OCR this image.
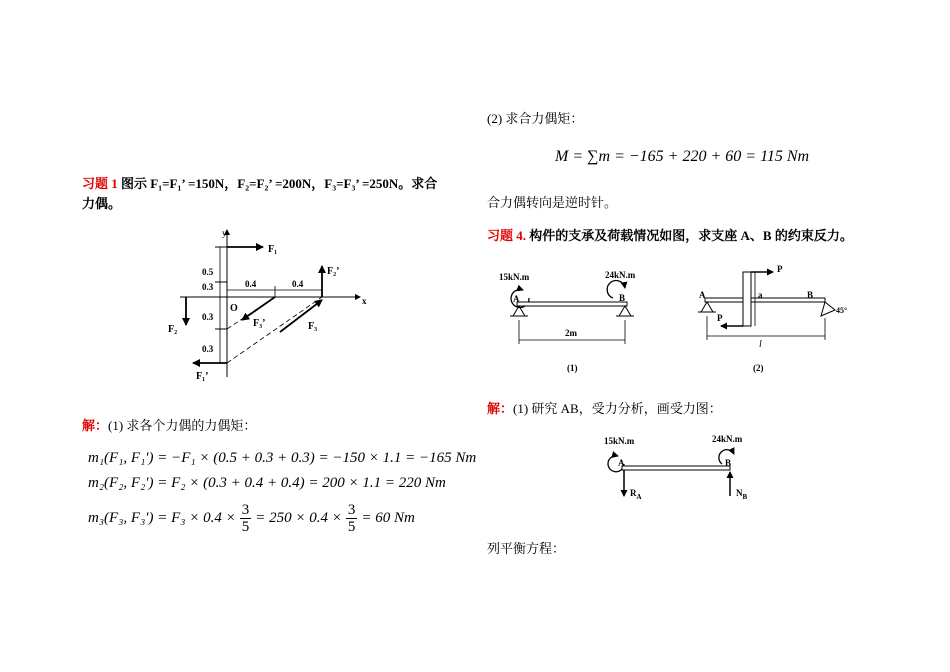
习题 1 图示 F₁=F₁’ =150N，F₂=F₂’ =200N，F₃=F₃’ =250N。求合
力偶。
y
x
O
0.5
0.3
0.3
0.3
0.4	0.4
F₁
F₁’
F₂
F₂’
F₃
F₃’
解：(1) 求各个力偶的力偶矩：
m₁(F₁, F₁') = −F₁ × (0.5 + 0.3 + 0.3) = −150 × 1.1 = −165 Nm
m₂(F₂, F₂') = F₂ × (0.3 + 0.4 + 0.4) = 200 × 1.1 = 220 Nm
m₃(F₃, $F_3') = F_3 \times 0.4 \times \frac{3}{5} = 250 \times 0.4 \times \frac{3}{5} = 60$ Nm
(2) 求合力偶矩：
M = ∑m = −165 + 220 + 60 = 115 Nm
合力偶转向是逆时针。
习题 4. 构件的支承及荷载情况如图，求支座 A、B 的约束反力。
15kN.m	24kN.m
A	B
2m
(1)
P
P
a
A	B
45°
l
(2)
解：(1) 研究 AB，受力分析，画受力图：
15kN.m	24kN.m
A	B
$R_A$	$N_B$
列平衡方程：
